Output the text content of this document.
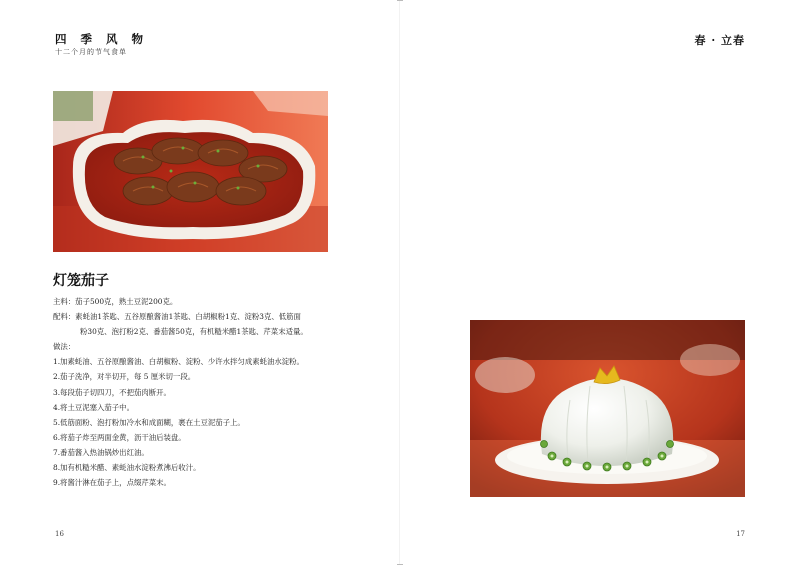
四 季 风 物
十二个月的节气食单
灯笼茄子
主料：茄子500克，熟土豆泥200克。
配料：素蚝油1茶匙、五谷原酿酱油1茶匙、白胡椒粉1克、淀粉3克、低筋面
粉30克、泡打粉2克、番茄酱50克，有机糙米醋1茶匙、芹菜末适量。
做法：
1.加素蚝油、五谷原酿酱油、白胡椒粉、淀粉、少许水拌匀成素蚝油水淀粉。
2.茄子洗净，对半切开，每 5 厘米切一段。
3.每段茄子切四刀，不把茄肉断开。
4.将土豆泥塞入茄子中。
5.低筋面粉、泡打粉加冷水和成面糊，裹在土豆泥茄子上。
6.将茄子炸至两面金黄，沥干油后装盘。
7.番茄酱入热油锅炒出红油。
8.加有机糙米醋、素蚝油水淀粉煮沸后收汁。
9.将酱汁淋在茄子上，点缀芹菜末。
16
春 · 立春
17
